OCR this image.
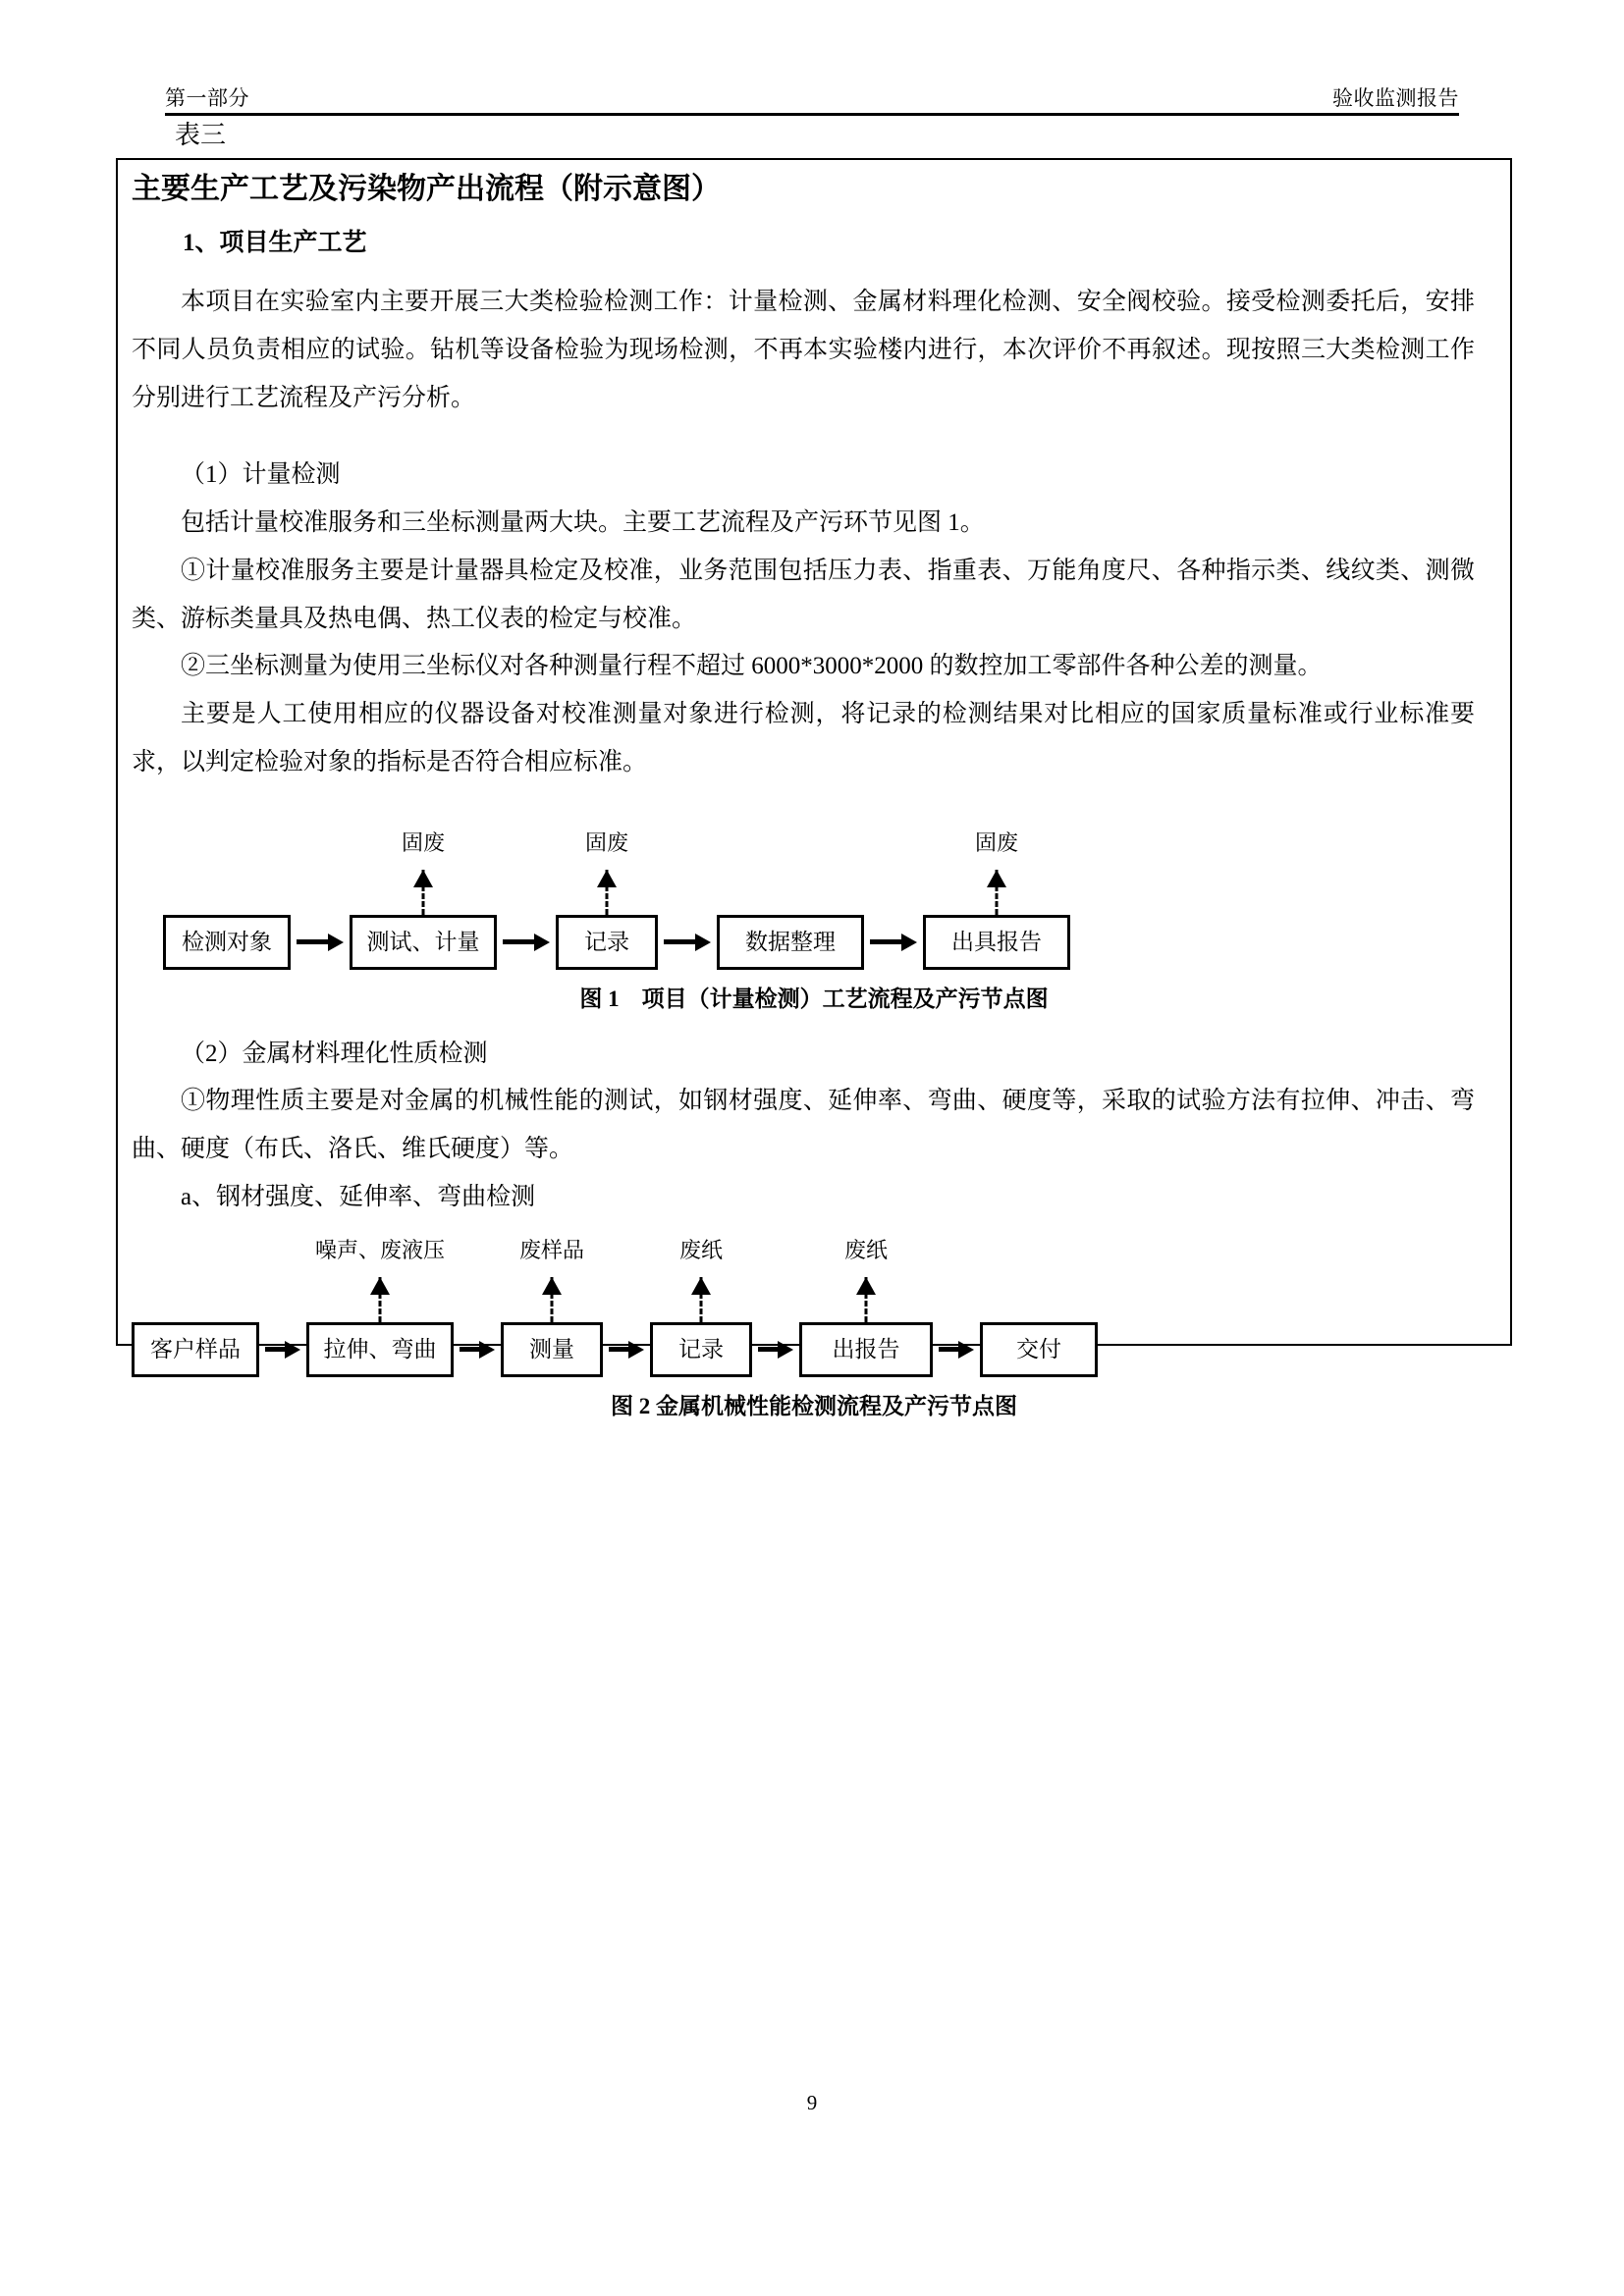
第一部分	验收监测报告
表三
主要生产工艺及污染物产出流程（附示意图）
1、项目生产工艺

本项目在实验室内主要开展三大类检验检测工作：计量检测、金属材料理化检测、安全阀校验。接受检测委托后，安排不同人员负责相应的试验。钻机等设备检验为现场检测，不再本实验楼内进行，本次评价不再叙述。现按照三大类检测工作分别进行工艺流程及产污分析。

（1）计量检测

包括计量校准服务和三坐标测量两大块。主要工艺流程及产污环节见图 1。

①计量校准服务主要是计量器具检定及校准，业务范围包括压力表、指重表、万能角度尺、各种指示类、线纹类、测微类、游标类量具及热电偶、热工仪表的检定与校准。

②三坐标测量为使用三坐标仪对各种测量行程不超过 6000*3000*2000 的数控加工零部件各种公差的测量。

主要是人工使用相应的仪器设备对校准测量对象进行检测，将记录的检测结果对比相应的国家质量标准或行业标准要求，以判定检验对象的指标是否符合相应标准。

检测对象	测试、计量	记录	数据整理	出具报告
固废	固废	固废

图 1　项目（计量检测）工艺流程及产污节点图

（2）金属材料理化性质检测

①物理性质主要是对金属的机械性能的测试，如钢材强度、延伸率、弯曲、硬度等，采取的试验方法有拉伸、冲击、弯曲、硬度（布氏、洛氏、维氏硬度）等。

a、钢材强度、延伸率、弯曲检测

客户样品	拉伸、弯曲	测量	记录	出报告	交付
噪声、废液压	废样品	废纸	废纸

图 2 金属机械性能检测流程及产污节点图

9
